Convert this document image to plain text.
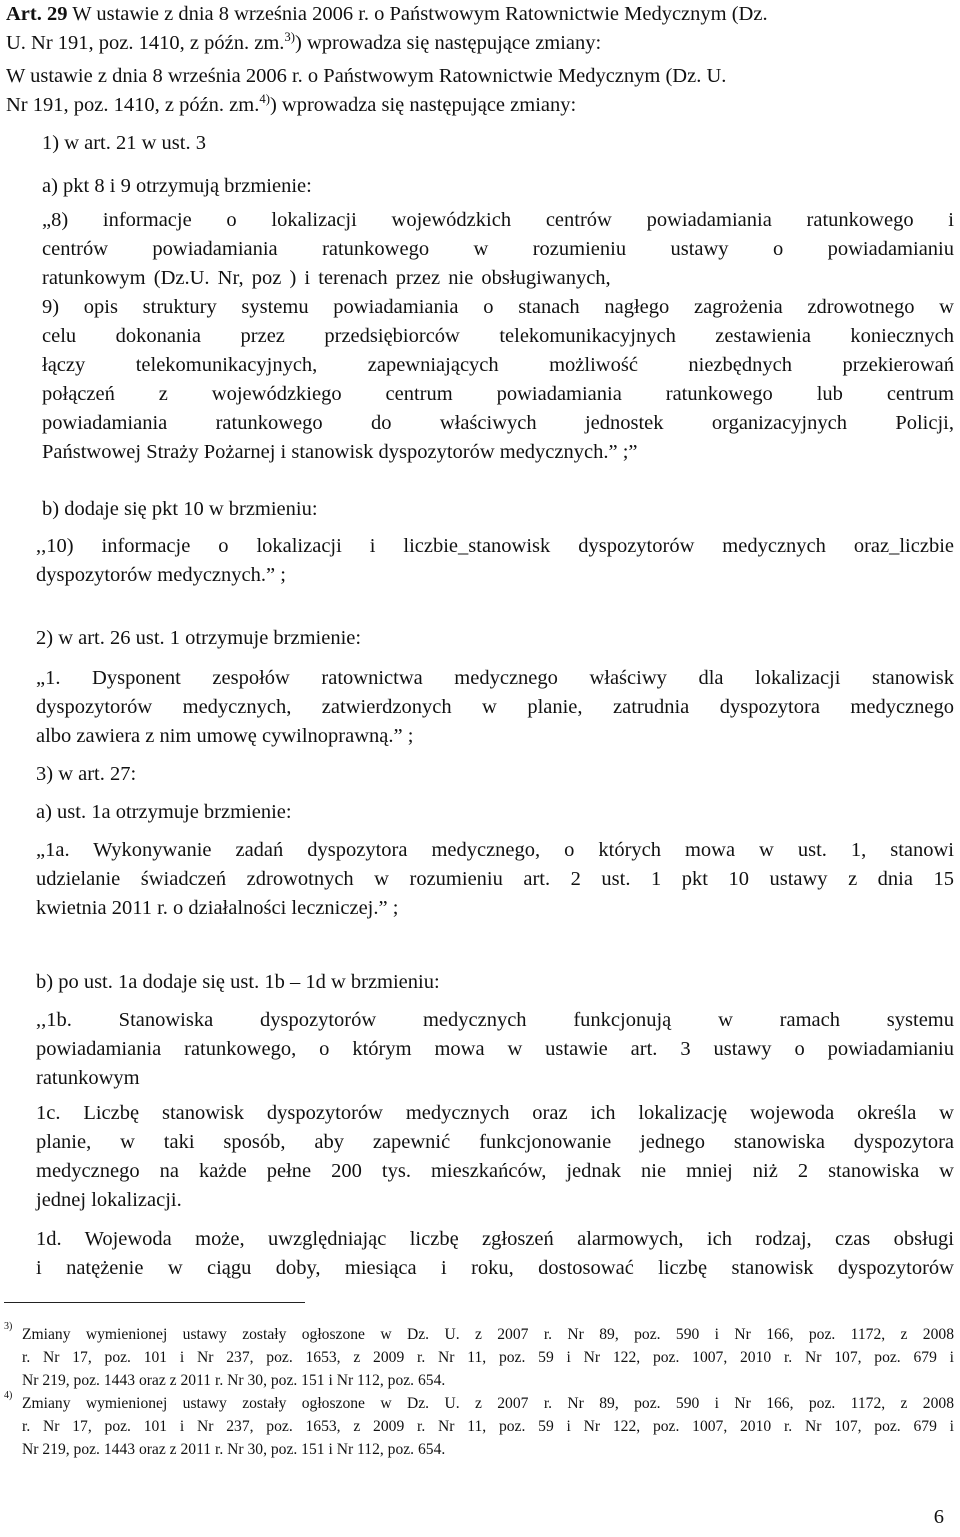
Art. 29 W ustawie z dnia 8 września 2006 r. o Państwowym Ratownictwie Medycznym (Dz.
U. Nr 191, poz. 1410, z późn. zm.$^{3)}$) wprowadza się następujące zmiany:
W ustawie z dnia 8 września 2006 r. o Państwowym Ratownictwie Medycznym (Dz. U.
Nr 191, poz. 1410, z późn. zm.$^{4)}$) wprowadza się następujące zmiany:
1) w art. 21 w ust. 3
a) pkt 8 i 9 otrzymują brzmienie:
„8) informacje o lokalizacji wojewódzkich centrów powiadamiania ratunkowego i
centrów powiadamiania ratunkowego w rozumieniu ustawy o powiadamianiu
ratunkowym (Dz.U. Nr, poz ) i terenach przez nie obsługiwanych,
9) opis struktury systemu powiadamiania o stanach nagłego zagrożenia zdrowotnego w
celu dokonania przez przedsiębiorców telekomunikacyjnych zestawienia koniecznych
łączy telekomunikacyjnych, zapewniających możliwość niezbędnych przekierowań
połączeń z wojewódzkiego centrum powiadamiania ratunkowego lub centrum
powiadamiania ratunkowego do właściwych jednostek organizacyjnych Policji,
Państwowej Straży Pożarnej i stanowisk dyspozytorów medycznych.” ;”
b) dodaje się pkt 10 w brzmieniu:
,,10) informacje o lokalizacji i liczbie_stanowisk dyspozytorów medycznych oraz_liczbie
dyspozytorów medycznych.” ;
2) w art. 26 ust. 1 otrzymuje brzmienie:
„1. Dysponent zespołów ratownictwa medycznego właściwy dla lokalizacji stanowisk
dyspozytorów medycznych, zatwierdzonych w planie, zatrudnia dyspozytora medycznego
albo zawiera z nim umowę cywilnoprawną.” ;
3) w art. 27:
a) ust. 1a otrzymuje brzmienie:
„1a. Wykonywanie zadań dyspozytora medycznego, o których mowa w ust. 1, stanowi
udzielanie świadczeń zdrowotnych w rozumieniu art. 2 ust. 1 pkt 10 ustawy z dnia 15
kwietnia 2011 r. o działalności leczniczej.” ;
b) po ust. 1a dodaje się ust. 1b – 1d w brzmieniu:
,,1b. Stanowiska dyspozytorów medycznych funkcjonują w ramach systemu
powiadamiania ratunkowego, o którym mowa w ustawie art. 3 ustawy o powiadamianiu
ratunkowym
1c. Liczbę stanowisk dyspozytorów medycznych oraz ich lokalizację wojewoda określa w
planie, w taki sposób, aby zapewnić funkcjonowanie jednego stanowiska dyspozytora
medycznego na każde pełne 200 tys. mieszkańców, jednak nie mniej niż 2 stanowiska w
jednej lokalizacji.
1d. Wojewoda może, uwzględniając liczbę zgłoszeń alarmowych, ich rodzaj, czas obsługi
i natężenie w ciągu doby, miesiąca i roku, dostosować liczbę stanowisk dyspozytorów
3) Zmiany wymienionej ustawy zostały ogłoszone w Dz. U. z 2007 r. Nr 89, poz. 590 i Nr 166, poz. 1172, z 2008
r. Nr 17, poz. 101 i Nr 237, poz. 1653, z 2009 r. Nr 11, poz. 59 i Nr 122, poz. 1007, 2010 r. Nr 107, poz. 679 i
Nr 219, poz. 1443 oraz z 2011 r. Nr 30, poz. 151 i Nr 112, poz. 654.
4) Zmiany wymienionej ustawy zostały ogłoszone w Dz. U. z 2007 r. Nr 89, poz. 590 i Nr 166, poz. 1172, z 2008
r. Nr 17, poz. 101 i Nr 237, poz. 1653, z 2009 r. Nr 11, poz. 59 i Nr 122, poz. 1007, 2010 r. Nr 107, poz. 679 i
Nr 219, poz. 1443 oraz z 2011 r. Nr 30, poz. 151 i Nr 112, poz. 654.
6
